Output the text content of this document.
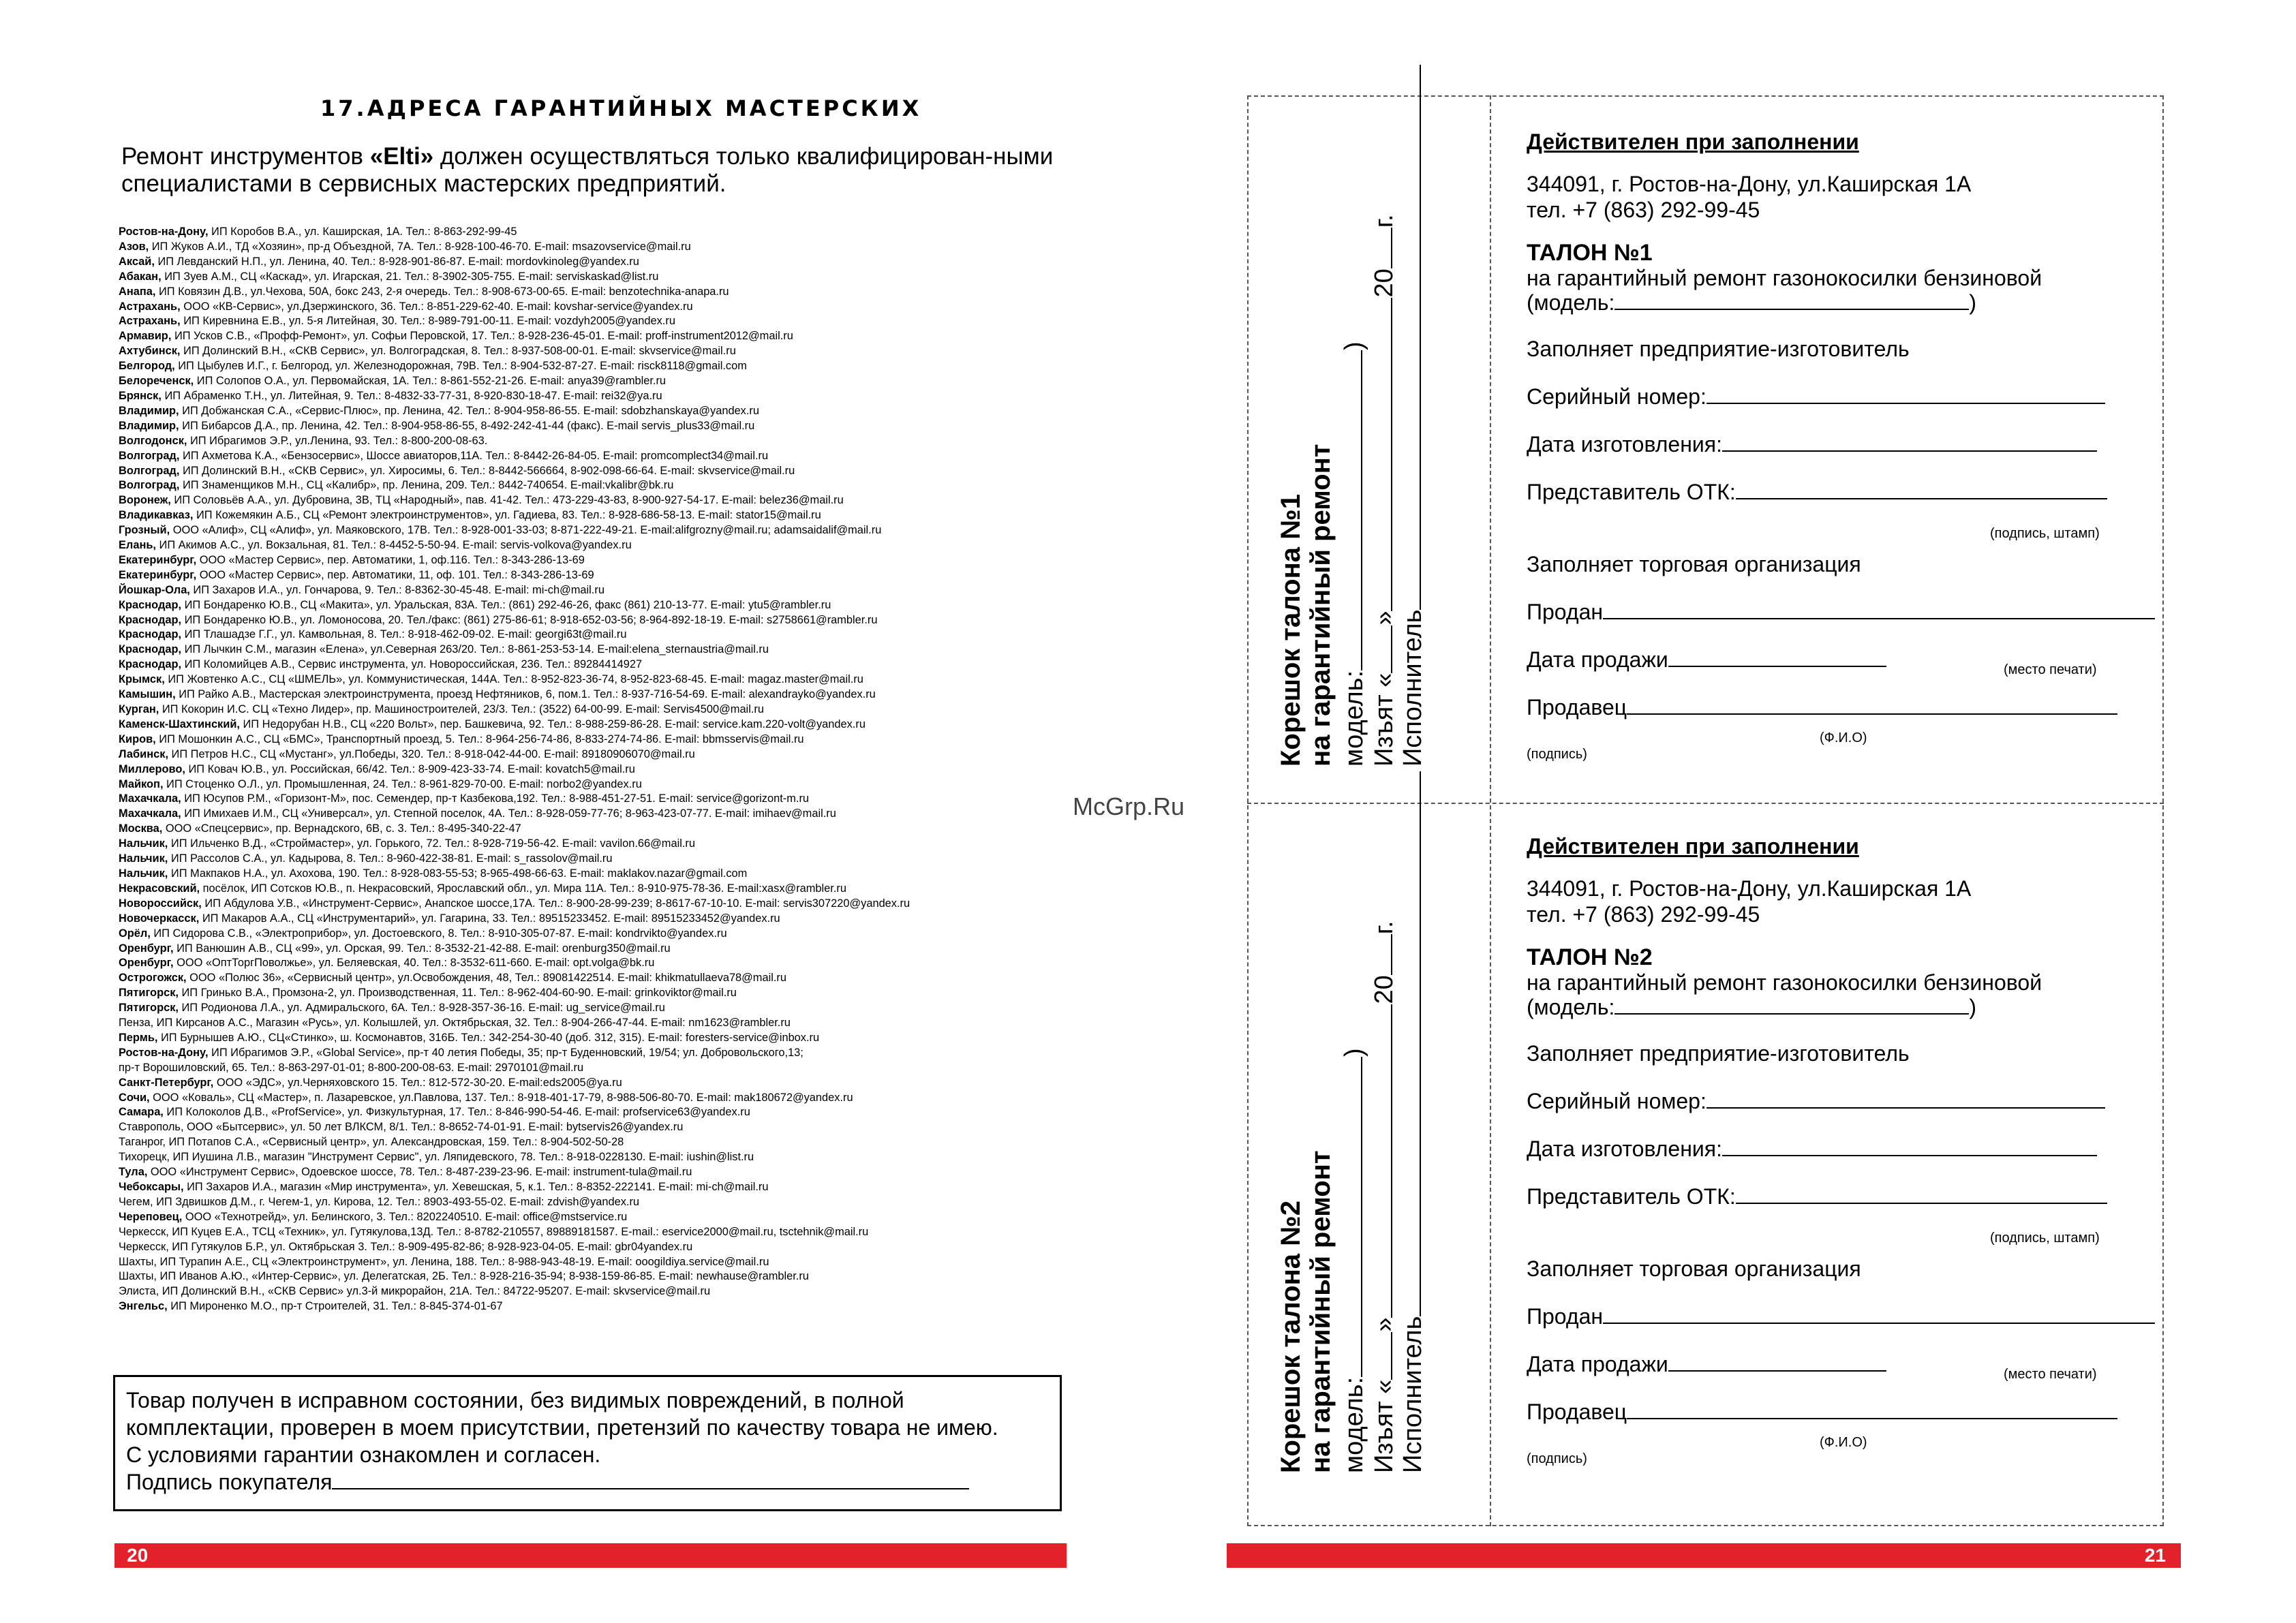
17.АДРЕСА ГАРАНТИЙНЫХ МАСТЕРСКИХ
Ремонт инструментов «Elti» должен осуществляться только квалифицирован-ными специалистами в сервисных мастерских предприятий.
Ростов-на-Дону, ИП Коробов В.А., ул. Каширская, 1А. Тел.: 8-863-292-99-45
Азов, ИП Жуков А.И., ТД «Хозяин», пр-д Объездной, 7А. Тел.: 8-928-100-46-70. E-mail: msazovservice@mail.ru
Аксай, ИП Левданский Н.П., ул. Ленина, 40. Тел.: 8-928-901-86-87. E-mail: mordovkinoleg@yandex.ru
Абакан, ИП Зуев А.М., СЦ «Каскад», ул. Игарская, 21. Тел.: 8-3902-305-755. E-mail: serviskaskad@list.ru
Анапа, ИП Ковязин Д.В., ул.Чехова, 50А, бокс 243, 2-я очередь. Тел.: 8-908-673-00-65. E-mail: benzotechnika-anapa.ru
Астрахань, ООО «КВ-Сервис», ул.Дзержинского, 36. Тел.: 8-851-229-62-40. E-mail: kovshar-service@yandex.ru
Астрахань, ИП Киревнина Е.В., ул. 5-я Литейная, 30. Тел.: 8-989-791-00-11. E-mail: vozdyh2005@yandex.ru
Армавир, ИП Усков С.В., «Профф-Ремонт», ул. Софьи Перовской, 17. Тел.: 8-928-236-45-01. E-mail: proff-instrument2012@mail.ru
Ахтубинск, ИП Долинский В.Н., «СКВ Сервис», ул. Волгоградская, 8. Тел.: 8-937-508-00-01. E-mail: skvservice@mail.ru
Белгород, ИП Цыбулев И.Г., г. Белгород, ул. Железнодорожная, 79В. Тел.: 8-904-532-87-27. E-mail: risck8118@gmail.com
Белореченск, ИП Солопов О.А., ул. Первомайская, 1А. Тел.: 8-861-552-21-26. E-mail: anya39@rambler.ru
Брянск, ИП Абраменко Т.Н., ул. Литейная, 9. Тел.: 8-4832-33-77-31, 8-920-830-18-47. E-mail: rei32@ya.ru
Владимир, ИП Добжанская С.А., «Сервис-Плюс», пр. Ленина, 42. Тел.: 8-904-958-86-55. E-mail: sdobzhanskaya@yandex.ru
Владимир, ИП Бибарсов Д.А., пр. Ленина, 42. Тел.: 8-904-958-86-55, 8-492-242-41-44 (факс). E-mail servis_plus33@mail.ru
Волгодонск, ИП Ибрагимов Э.Р., ул.Ленина, 93. Тел.: 8-800-200-08-63.
Волгоград, ИП Ахметова К.А., «Бензосервис», Шоссе авиаторов,11А. Тел.: 8-8442-26-84-05. E-mail: promcomplect34@mail.ru
Волгоград, ИП Долинский В.Н., «СКВ Сервис», ул. Хиросимы, 6. Тел.: 8-8442-566664, 8-902-098-66-64. E-mail: skvservice@mail.ru
Волгоград, ИП Знаменщиков М.Н., СЦ «Калибр», пр. Ленина, 209. Тел.: 8442-740654. E-mail:vkalibr@bk.ru
Воронеж, ИП Соловьёв А.А., ул. Дубровина, 3В, ТЦ «Народный», пав. 41-42. Тел.: 473-229-43-83, 8-900-927-54-17. E-mail: belez36@mail.ru
Владикавказ, ИП Кожемякин А.Б., СЦ «Ремонт электроинструментов», ул. Гадиева, 83. Тел.: 8-928-686-58-13. E-mail: stator15@mail.ru
Грозный, ООО «Алиф», СЦ «Алиф», ул. Маяковского, 17В. Тел.: 8-928-001-33-03; 8-871-222-49-21. E-mail:alifgrozny@mail.ru; adamsaidalif@mail.ru
Елань, ИП Акимов А.С., ул. Вокзальная, 81. Тел.: 8-4452-5-50-94. E-mail: servis-volkova@yandex.ru
Екатеринбург, ООО «Мастер Сервис», пер. Автоматики, 1, оф.116. Тел.: 8-343-286-13-69
Екатеринбург, ООО «Мастер Сервис», пер. Автоматики, 11, оф. 101. Тел.: 8-343-286-13-69
Йошкар-Ола, ИП Захаров И.А., ул. Гончарова, 9. Тел.: 8-8362-30-45-48. E-mail: mi-ch@mail.ru
Краснодар, ИП Бондаренко Ю.В., СЦ «Макита», ул. Уральская, 83А. Тел.: (861) 292-46-26, факс (861) 210-13-77. E-mail: ytu5@rambler.ru
Краснодар, ИП Бондаренко Ю.В., ул. Ломоносова, 20. Тел./факс: (861) 275-86-61; 8-918-652-03-56; 8-964-892-18-19. E-mail: s2758661@rambler.ru
Краснодар, ИП Тлашадзе Г.Г., ул. Камвольная, 8. Тел.: 8-918-462-09-02. E-mail: georgi63t@mail.ru
Краснодар, ИП Лычкин С.М., магазин «Елена», ул.Северная 263/20. Тел.: 8-861-253-53-14. E-mail:elena_sternaustria@mail.ru
Краснодар, ИП Коломийцев А.В., Сервис инструмента, ул. Новороссийская, 236. Тел.: 89284414927
Крымск, ИП Жовтенко А.С., СЦ «ШМЕЛЬ», ул. Коммунистическая, 144А. Тел.: 8-952-823-36-74, 8-952-823-68-45. E-mail: magaz.master@mail.ru
Камышин, ИП Райко А.В., Мастерская электроинструмента, проезд Нефтяников, 6, пом.1. Тел.: 8-937-716-54-69. E-mail: alexandrayko@yandex.ru
Курган, ИП Кокорин И.С. СЦ «Техно Лидер», пр. Машиностроителей, 23/3. Тел.: (3522) 64-00-99. E-mail: Servis4500@mail.ru
Каменск-Шахтинский, ИП Недорубан Н.В., СЦ «220 Вольт», пер. Башкевича, 92. Тел.: 8-988-259-86-28. E-mail: service.kam.220-volt@yandex.ru
Киров, ИП Мошонкин А.С., СЦ «БМС», Транспортный проезд, 5. Тел.: 8-964-256-74-86, 8-833-274-74-86. E-mail: bbmsservis@mail.ru
Лабинск, ИП Петров Н.С., СЦ «Мустанг», ул.Победы, 320. Тел.: 8-918-042-44-00. E-mail: 89180906070@mail.ru
Миллерово, ИП Ковач Ю.В., ул. Российская, 66/42. Тел.: 8-909-423-33-74. E-mail: kovatch5@mail.ru
Майкоп, ИП Стоценко О.Л., ул. Промышленная, 24. Тел.: 8-961-829-70-00. E-mail: norbo2@yandex.ru
Махачкала, ИП Юсупов Р.М., «Горизонт-М», пос. Семендер, пр-т Казбекова,192. Тел.: 8-988-451-27-51. E-mail: service@gorizont-m.ru
Махачкала, ИП Имихаев И.М., СЦ «Универсал», ул. Степной поселок, 4А. Тел.: 8-928-059-77-76; 8-963-423-07-77. E-mail: imihaev@mail.ru
Москва, ООО «Спецсервис», пр. Вернадского, 6В, с. 3. Тел.: 8-495-340-22-47
Нальчик, ИП Ильченко В.Д., «Строймастер», ул. Горького, 72. Тел.: 8-928-719-56-42. E-mail: vavilon.66@mail.ru
Нальчик, ИП Рассолов С.А., ул. Кадырова, 8. Тел.: 8-960-422-38-81. E-mail: s_rassolov@mail.ru
Нальчик, ИП Макпаков Н.А., ул. Ахохова, 190. Тел.: 8-928-083-55-53; 8-965-498-66-63. E-mail: maklakov.nazar@gmail.com
Некрасовский, посёлок, ИП Сотсков Ю.В., п. Некрасовский, Ярославский обл., ул. Мира 11А. Тел.: 8-910-975-78-36. E-mail:xasx@rambler.ru
Новороссийск, ИП Абдулова У.В., «Инструмент-Сервис», Анапское шоссе,17А. Тел.: 8-900-28-99-239; 8-8617-67-10-10. E-mail: servis307220@yandex.ru
Новочеркасск, ИП Макаров А.А., СЦ «Инструментарий», ул. Гагарина, 33. Тел.: 89515233452. E-mail: 89515233452@yandex.ru
Орёл, ИП Сидорова С.В., «Электроприбор», ул. Достоевского, 8. Тел.: 8-910-305-07-87. E-mail: kondrvikto@yandex.ru
Оренбург, ИП Ванюшин А.В., СЦ «99», ул. Орская, 99. Тел.: 8-3532-21-42-88. E-mail: orenburg350@mail.ru
Оренбург, ООО «ОптТоргПоволжье», ул. Беляевская, 40. Тел.: 8-3532-611-660. E-mail: opt.volga@bk.ru
Острогожск, ООО «Полюс 36», «Сервисный центр», ул.Освобождения, 48, Тел.: 89081422514. E-mail: khikmatullaeva78@mail.ru
Пятигорск, ИП Гринько В.А., Промзона-2, ул. Производственная, 11. Тел.: 8-962-404-60-90. E-mail: grinkoviktor@mail.ru
Пятигорск, ИП Родионова Л.А., ул. Адмиральского, 6А. Тел.: 8-928-357-36-16. E-mail: ug_service@mail.ru
Пенза, ИП Кирсанов А.С., Магазин «Русь», ул. Колышлей, ул. Октябрьская, 32. Тел.: 8-904-266-47-44. E-mail: nm1623@rambler.ru
Пермь, ИП Бурнышев А.Ю., СЦ«Стинко», ш. Космонавтов, 316Б. Тел.: 342-254-30-40 (доб. 312, 315). E-mail: foresters-service@inbox.ru
Ростов-на-Дону, ИП Ибрагимов Э.Р., «Global Service», пр-т 40 летия Победы, 35; пр-т Буденновский, 19/54; ул. Добровольского,13;
пр-т Ворошиловский, 65. Тел.: 8-863-297-01-01; 8-800-200-08-63. E-mail: 2970101@mail.ru
Санкт-Петербург, ООО «ЭДС», ул.Черняховского 15. Тел.: 812-572-30-20. E-mail:eds2005@ya.ru
Сочи, ООО «Коваль», СЦ «Мастер», п. Лазаревское, ул.Павлова, 137. Тел.: 8-918-401-17-79, 8-988-506-80-70. E-mail: mak180672@yandex.ru
Самара, ИП Колоколов Д.В., «ProfService», ул. Физкультурная, 17. Тел.: 8-846-990-54-46. E-mail: profservice63@yandex.ru
Ставрополь, ООО «Бытсервис», ул. 50 лет ВЛКСМ, 8/1. Тел.: 8-8652-74-01-91. E-mail: bytservis26@yandex.ru
Таганрог, ИП Потапов С.А., «Сервисный центр», ул. Александровская, 159. Тел.: 8-904-502-50-28
Тихорецк, ИП Иушина Л.В., магазин "Инструмент Сервис", ул. Ляпидевского, 78. Тел.: 8-918-0228130. E-mail: iushin@list.ru
Тула, ООО «Инструмент Сервис», Одоевское шоссе, 78. Тел.: 8-487-239-23-96. E-mail: instrument-tula@mail.ru
Чебоксары, ИП Захаров И.А., магазин «Мир инструмента», ул. Хевешская, 5, к.1. Тел.: 8-8352-222141. E-mail: mi-ch@mail.ru
Чегем, ИП Здвишков Д.М., г. Чегем-1, ул. Кирова, 12. Тел.: 8903-493-55-02. E-mail: zdvish@yandex.ru
Череповец, ООО «Технотрейд», ул. Белинского, 3. Тел.: 8202240510. E-mail: office@mstservice.ru
Черкесск, ИП Куцев Е.А., ТСЦ «Техник», ул. Гутякулова,13Д. Тел.: 8-8782-210557, 89889181587. E-mail.: eservice2000@mail.ru, tsctehnik@mail.ru
Черкесск, ИП Гутякулов Б.Р., ул. Октябрьская 3. Тел.: 8-909-495-82-86; 8-928-923-04-05. E-mail: gbr04yandex.ru
Шахты, ИП Турапин А.Е., СЦ «Электроинструмент», ул. Ленина, 188. Тел.: 8-988-943-48-19. E-mail: ooogildiya.service@mail.ru
Шахты, ИП Иванов А.Ю., «Интер-Сервис», ул. Делегатская, 2Б. Тел.: 8-928-216-35-94; 8-938-159-86-85. E-mail: newhause@rambler.ru
Элиста, ИП Долинский В.Н., «СКВ Сервис» ул.3-й микрорайон, 21А. Тел.: 84722-95207. E-mail: skvservice@mail.ru
Энгельс, ИП Мироненко М.О., пр-т Строителей, 31. Тел.: 8-845-374-01-67
Товар получен в исправном состоянии, без видимых повреждений, в полной
комплектации, проверен в моем присутствии, претензий по качеству товара не имею.
С условиями гарантии ознакомлен и согласен.
Подпись покупателя
20
McGrp.Ru
Действителен при заполнении
344091, г. Ростов-на-Дону, ул.Каширская 1А
тел. +7 (863) 292-99-45
ТАЛОН №1
на гарантийный ремонт газонокосилки бензиновой
(модель:	)
Заполняет предприятие-изготовитель
Серийный номер:
Дата изготовления:
Представитель ОТК:
(подпись, штамп)
Заполняет торговая организация
Продан
Дата продажи	(место печати)
Продавец
(Ф.И.О)
(подпись)
Действителен при заполнении
344091, г. Ростов-на-Дону, ул.Каширская 1А
тел. +7 (863) 292-99-45
ТАЛОН №2
на гарантийный ремонт газонокосилки бензиновой
(модель:	)
Заполняет предприятие-изготовитель
Серийный номер:
Дата изготовления:
Представитель ОТК:
(подпись, штамп)
Заполняет торговая организация
Продан
Дата продажи	(место печати)
Продавец
(Ф.И.О)
(подпись)
Корешок талона №1 на гарантийный ремонт модель:)
Изъят «»20г.
Исполнитель
Корешок талона №2 на гарантийный ремонт модель:)
Изъят «»20г.
Исполнитель
21
